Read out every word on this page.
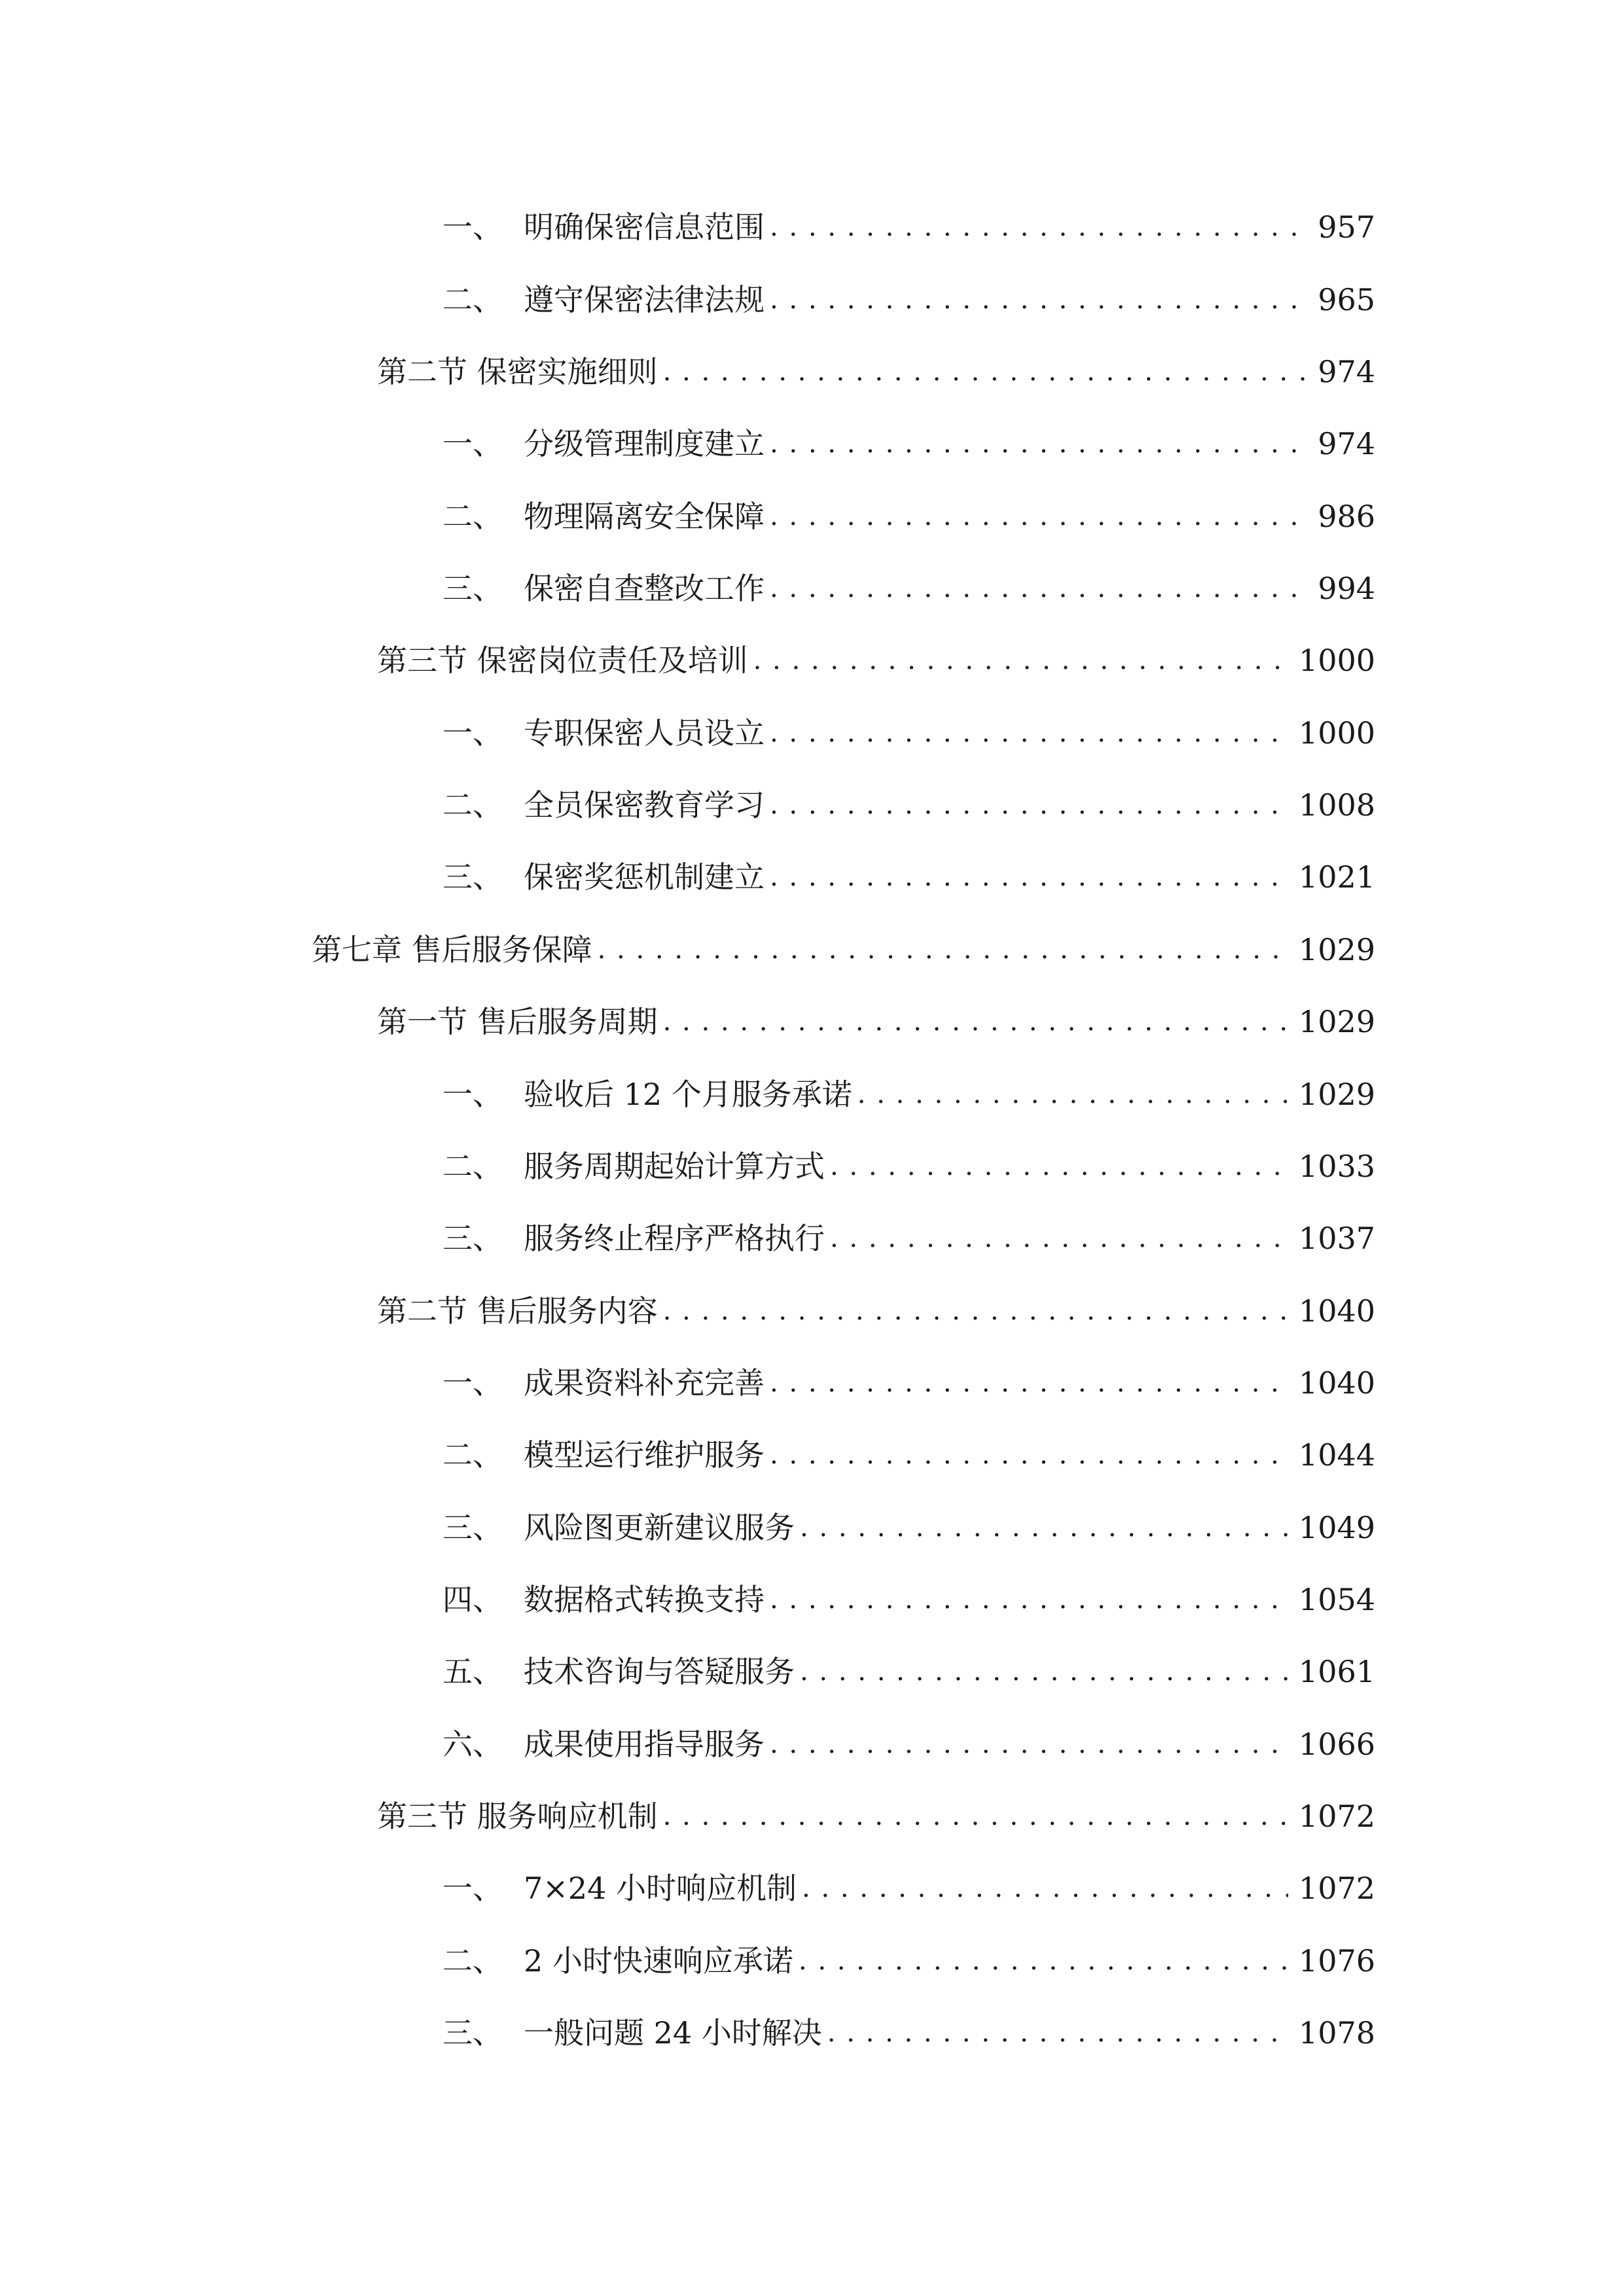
一、 明确保密信息范围 . . .	957
二、 遵守保密法律法规 . . .	965
第二节 保密实施细则 . . .	974
一、 分级管理制度建立 . . .	974
二、 物理隔离安全保障 . . .	986
三、 保密自查整改工作 . . .	994
第三节 保密岗位责任及培训 . . .	1000
一、 专职保密人员设立 . . .	1000
二、 全员保密教育学习 . . .	1008
三、 保密奖惩机制建立 . . .	1021
第七章 售后服务保障 . . .	1029
第一节 售后服务周期 . . .	1029
一、 验收后 12 个月服务承诺 . . .	1029
二、 服务周期起始计算方式 . . .	1033
三、 服务终止程序严格执行 . . .	1037
第二节 售后服务内容 . . .	1040
一、 成果资料补充完善 . . .	1040
二、 模型运行维护服务 . . .	1044
三、 风险图更新建议服务 . . .	1049
四、 数据格式转换支持 . . .	1054
五、 技术咨询与答疑服务 . . .	1061
六、 成果使用指导服务 . . .	1066
第三节 服务响应机制 . . .	1072
一、 7×24 小时响应机制 . . .	1072
二、 2 小时快速响应承诺 . . .	1076
三、 一般问题 24 小时解决 . . .	1078
